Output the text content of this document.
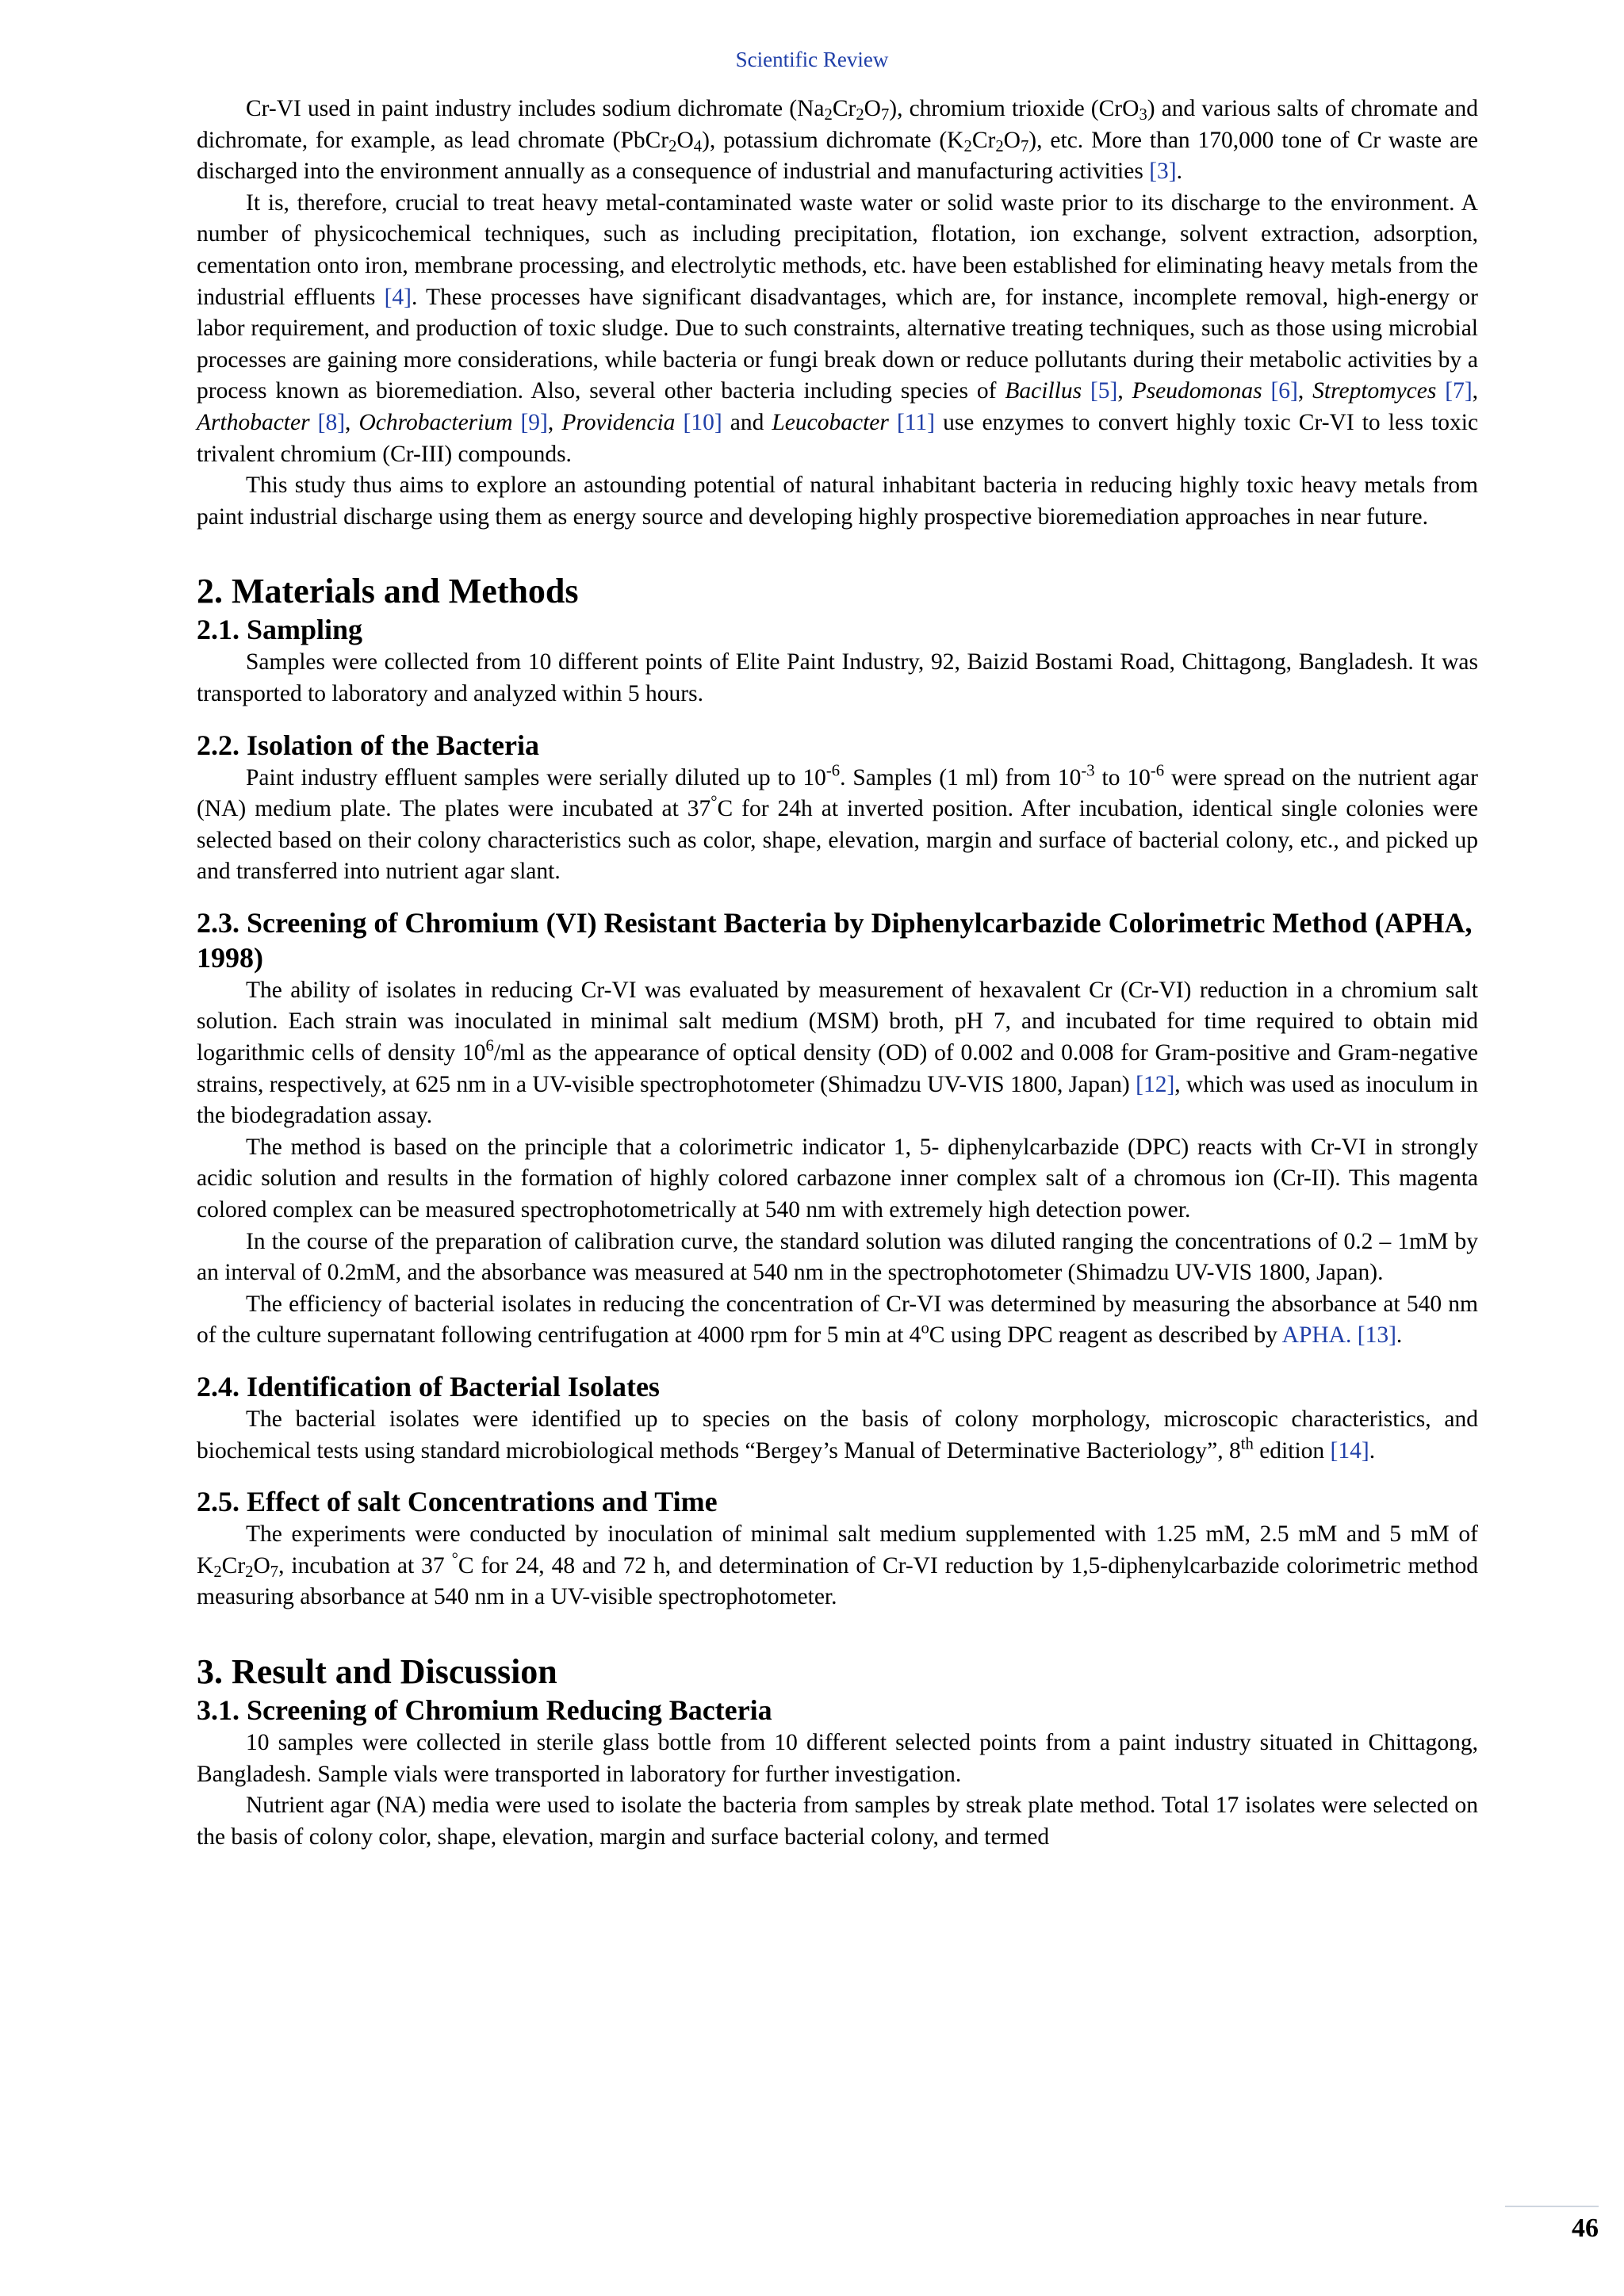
Scientific Review

Cr-VI used in paint industry includes sodium dichromate $(Na_2Cr_2O_7)$, chromium trioxide (CrO$_3$) and various salts of chromate and dichromate, for example, as lead chromate $(PbCr_2O_4)$, potassium dichromate $(K_2Cr_2O_7)$, etc. More than 170,000 tone of Cr waste are discharged into the environment annually as a consequence of industrial and manufacturing activities [3].

It is, therefore, crucial to treat heavy metal-contaminated waste water or solid waste prior to its discharge to the environment. A number of physicochemical techniques, such as including precipitation, flotation, ion exchange, solvent extraction, adsorption, cementation onto iron, membrane processing, and electrolytic methods, etc. have been established for eliminating heavy metals from the industrial effluents [4]. These processes have significant disadvantages, which are, for instance, incomplete removal, high-energy or labor requirement, and production of toxic sludge. Due to such constraints, alternative treating techniques, such as those using microbial processes are gaining more considerations, while bacteria or fungi break down or reduce pollutants during their metabolic activities by a process known as bioremediation. Also, several other bacteria including species of Bacillus [5], Pseudomonas [6], Streptomyces [7], Arthobacter [8], Ochrobacterium [9], Providencia [10] and Leucobacter [11] use enzymes to convert highly toxic Cr-VI to less toxic trivalent chromium (Cr-III) compounds.

This study thus aims to explore an astounding potential of natural inhabitant bacteria in reducing highly toxic heavy metals from paint industrial discharge using them as energy source and developing highly prospective bioremediation approaches in near future.

2. Materials and Methods
2.1. Sampling

Samples were collected from 10 different points of Elite Paint Industry, 92, Baizid Bostami Road, Chittagong, Bangladesh. It was transported to laboratory and analyzed within 5 hours.

2.2. Isolation of the Bacteria

Paint industry effluent samples were serially diluted up to $10^{-6}$. Samples (1 ml) from $10^{-3}$ to $10^{-6}$ were spread on the nutrient agar (NA) medium plate. The plates were incubated at 37°C for 24h at inverted position. After incubation, identical single colonies were selected based on their colony characteristics such as color, shape, elevation, margin and surface of bacterial colony, etc., and picked up and transferred into nutrient agar slant.

2.3. Screening of Chromium (VI) Resistant Bacteria by Diphenylcarbazide Colorimetric Method (APHA, 1998)

The ability of isolates in reducing Cr-VI was evaluated by measurement of hexavalent Cr (Cr-VI) reduction in a chromium salt solution. Each strain was inoculated in minimal salt medium (MSM) broth, pH 7, and incubated for time required to obtain mid logarithmic cells of density $10^6/ml$ as the appearance of optical density (OD) of 0.002 and 0.008 for Gram-positive and Gram-negative strains, respectively, at 625 nm in a UV-visible spectrophotometer (Shimadzu UV-VIS 1800, Japan) [12], which was used as inoculum in the biodegradation assay.

The method is based on the principle that a colorimetric indicator 1, 5- diphenylcarbazide (DPC) reacts with Cr-VI in strongly acidic solution and results in the formation of highly colored carbazone inner complex salt of a chromous ion (Cr-II). This magenta colored complex can be measured spectrophotometrically at 540 nm with extremely high detection power.

In the course of the preparation of calibration curve, the standard solution was diluted ranging the concentrations of 0.2 – 1mM by an interval of 0.2mM, and the absorbance was measured at 540 nm in the spectrophotometer (Shimadzu UV-VIS 1800, Japan).

The efficiency of bacterial isolates in reducing the concentration of Cr-VI was determined by measuring the absorbance at 540 nm of the culture supernatant following centrifugation at 4000 rpm for 5 min at 4$^o$C using DPC reagent as described by APHA. [13].

2.4. Identification of Bacterial Isolates

The bacterial isolates were identified up to species on the basis of colony morphology, microscopic characteristics, and biochemical tests using standard microbiological methods “Bergey’s Manual of Determinative Bacteriology”, 8th edition [14].

2.5. Effect of salt Concentrations and Time

The experiments were conducted by inoculation of minimal salt medium supplemented with 1.25 mM, 2.5 mM and 5 mM of $K_2Cr_2O_7$, incubation at 37 °C for 24, 48 and 72 h, and determination of Cr-VI reduction by 1,5-diphenylcarbazide colorimetric method measuring absorbance at 540 nm in a UV-visible spectrophotometer.

3. Result and Discussion
3.1. Screening of Chromium Reducing Bacteria

10 samples were collected in sterile glass bottle from 10 different selected points from a paint industry situated in Chittagong, Bangladesh. Sample vials were transported in laboratory for further investigation.

Nutrient agar (NA) media were used to isolate the bacteria from samples by streak plate method. Total 17 isolates were selected on the basis of colony color, shape, elevation, margin and surface bacterial colony, and termed

46
